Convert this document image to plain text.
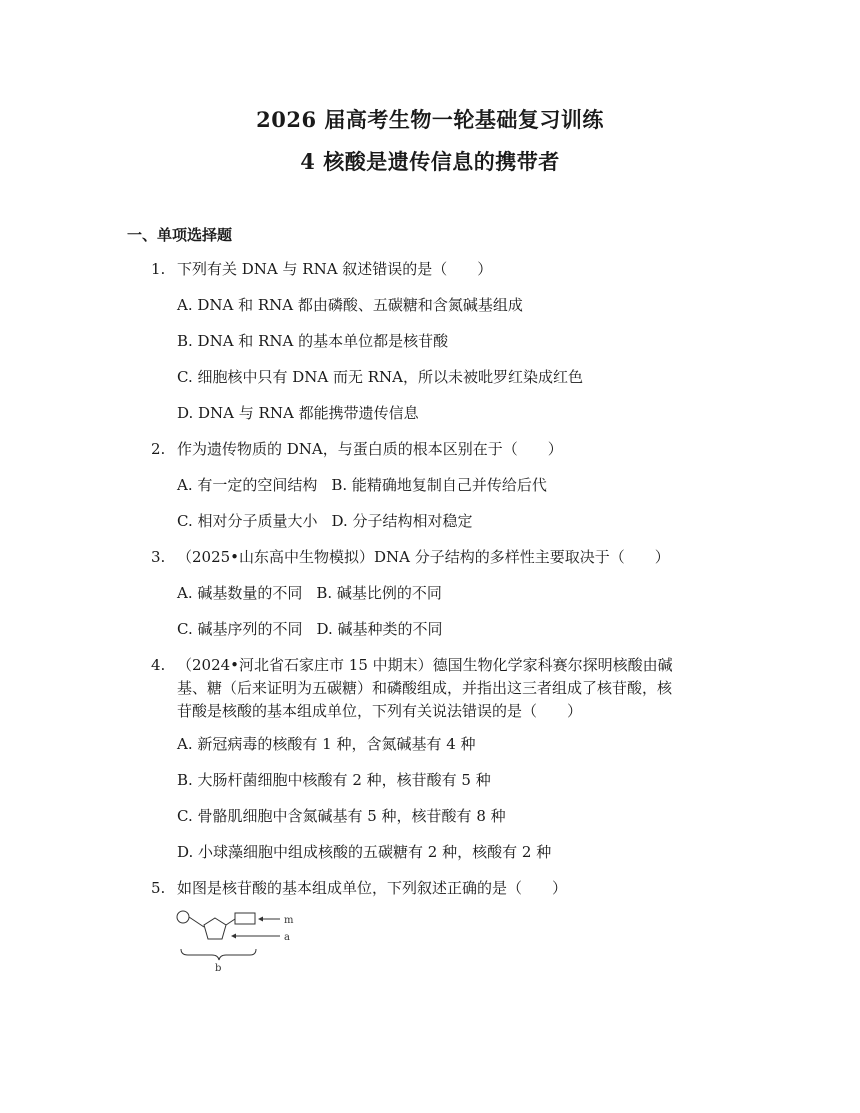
2026 届高考生物一轮基础复习训练
4 核酸是遗传信息的携带者
一、单项选择题
1. 下列有关 DNA 与 RNA 叙述错误的是（　　）
A. DNA 和 RNA 都由磷酸、五碳糖和含氮碱基组成
B. DNA 和 RNA 的基本单位都是核苷酸
C. 细胞核中只有 DNA 而无 RNA，所以未被吡罗红染成红色
D. DNA 与 RNA 都能携带遗传信息
2. 作为遗传物质的 DNA，与蛋白质的根本区别在于（　　）
A. 有一定的空间结构 B. 能精确地复制自己并传给后代
C. 相对分子质量大小 D. 分子结构相对稳定
3. （2025•山东高中生物模拟）DNA 分子结构的多样性主要取决于（　　）
A. 碱基数量的不同 B. 碱基比例的不同
C. 碱基序列的不同 D. 碱基种类的不同
4. （2024•河北省石家庄市 15 中期末）德国生物化学家科赛尔探明核酸由碱
基、糖（后来证明为五碳糖）和磷酸组成，并指出这三者组成了核苷酸，核
苷酸是核酸的基本组成单位，下列有关说法错误的是（　　）
A. 新冠病毒的核酸有 1 种，含氮碱基有 4 种
B. 大肠杆菌细胞中核酸有 2 种，核苷酸有 5 种
C. 骨骼肌细胞中含氮碱基有 5 种，核苷酸有 8 种
D. 小球藻细胞中组成核酸的五碳糖有 2 种，核酸有 2 种
5. 如图是核苷酸的基本组成单位，下列叙述正确的是（　　）
m
a
b
